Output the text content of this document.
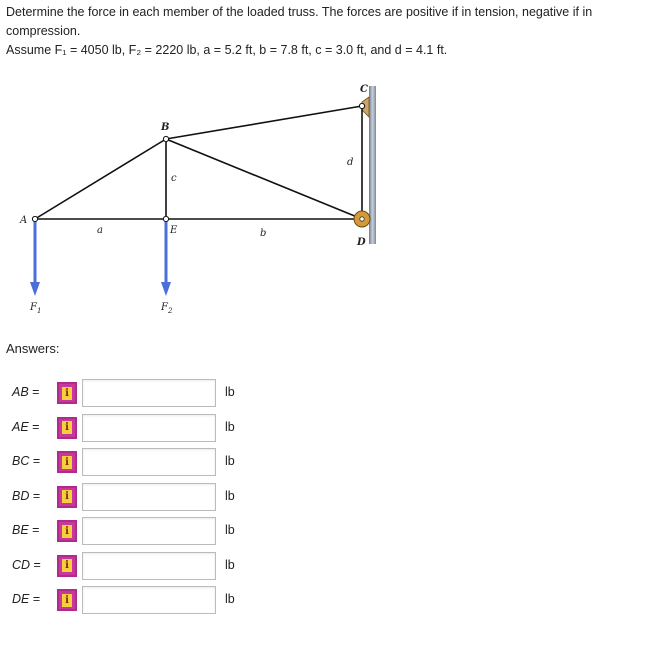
Determine the force in each member of the loaded truss. The forces are positive if in tension, negative if in compression.

Assume F₁ = 4050 lb, F₂ = 2220 lb, a = 5.2 ft, b = 7.8 ft, c = 3.0 ft, and d = 4.1 ft.

A
B
C
D
E
a	b
c
d
$F_1$	$F_2$
Answers:
AB =	i	lb
AE =	i	lb
BC =	i	lb
BD =	i	lb
BE =	i	lb
CD =	i	lb
DE =	i	lb
